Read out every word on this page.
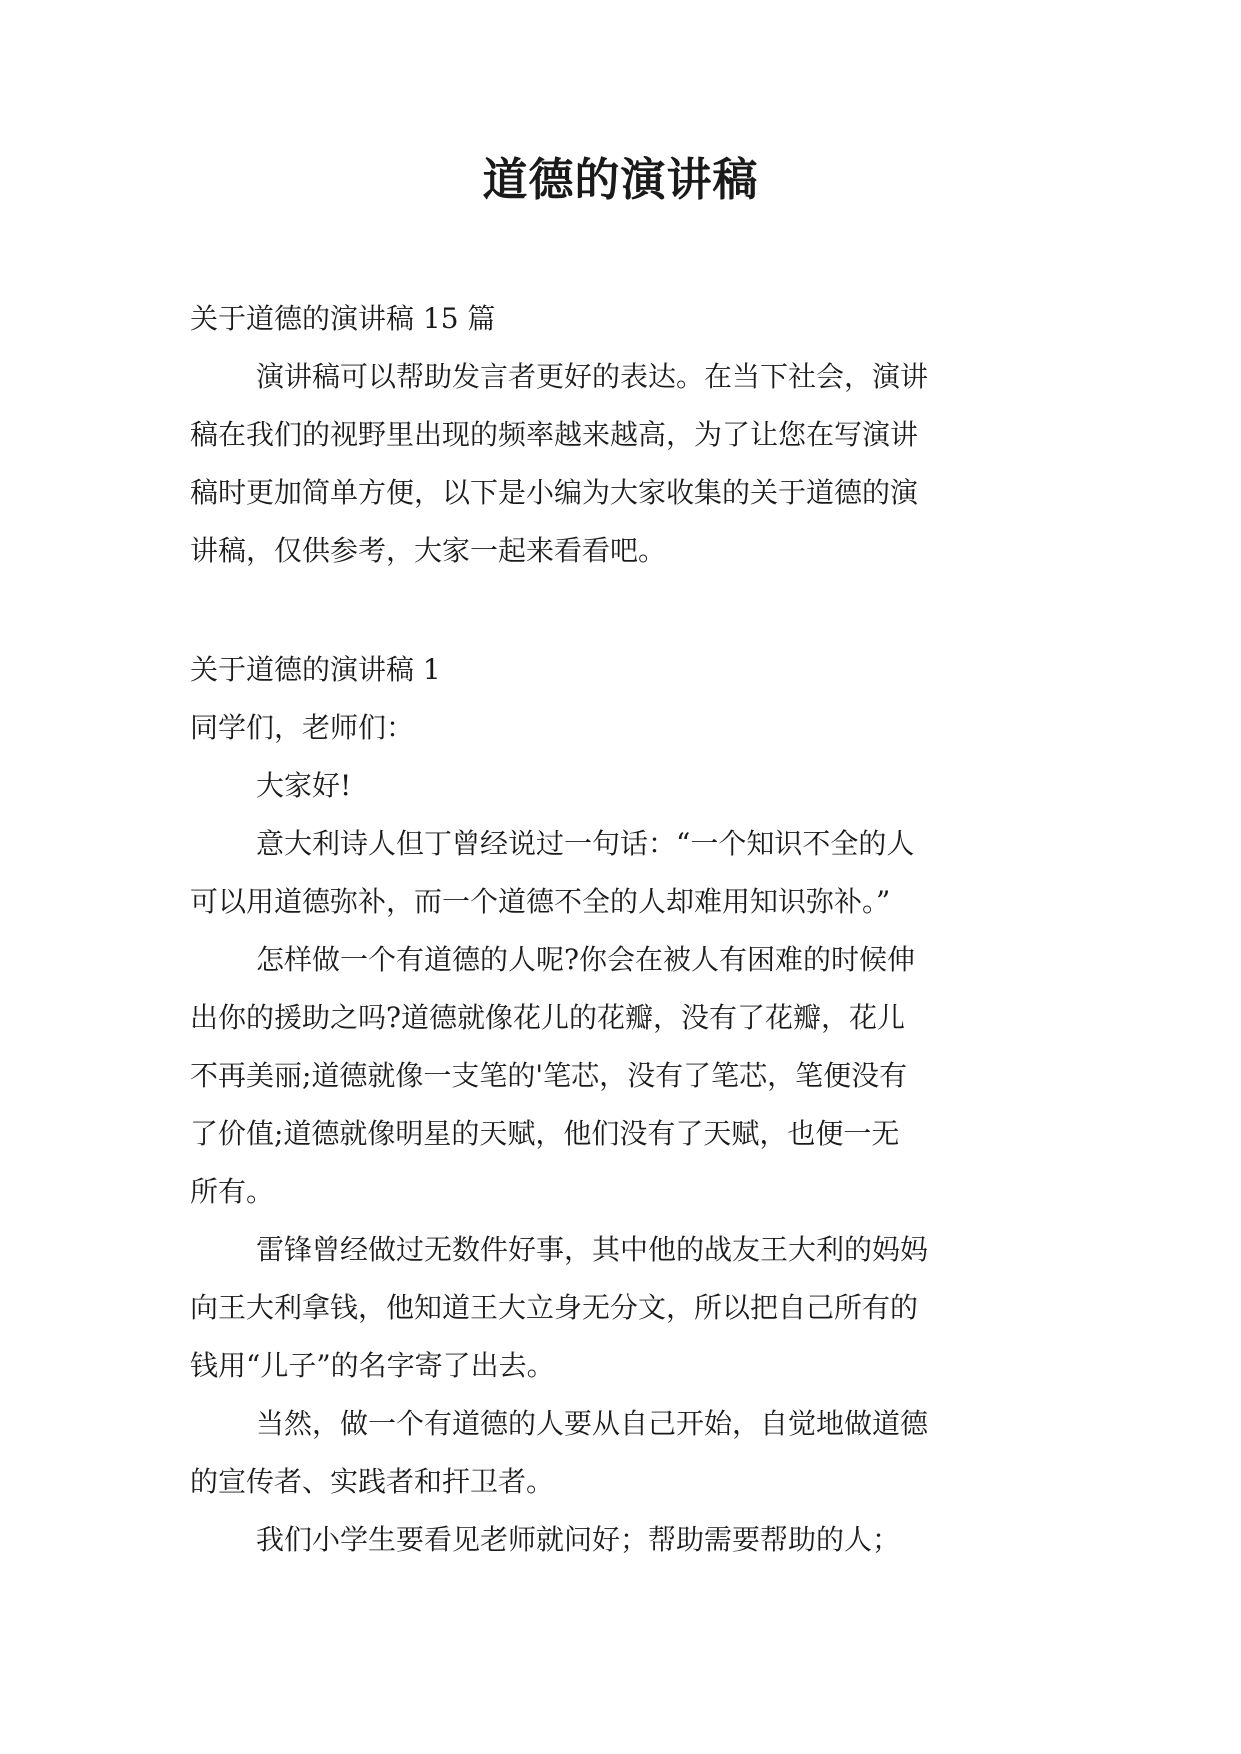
道德的演讲稿
关于道德的演讲稿 15 篇
演讲稿可以帮助发言者更好的表达。在当下社会，演讲
稿在我们的视野里出现的频率越来越高，为了让您在写演讲
稿时更加简单方便，以下是小编为大家收集的关于道德的演
讲稿，仅供参考，大家一起来看看吧。
关于道德的演讲稿 1
同学们，老师们：
大家好!
意大利诗人但丁曾经说过一句话：“一个知识不全的人
可以用道德弥补，而一个道德不全的人却难用知识弥补。”
怎样做一个有道德的人呢?你会在被人有困难的时候伸
出你的援助之吗?道德就像花儿的花瓣，没有了花瓣，花儿
不再美丽;道德就像一支笔的'笔芯，没有了笔芯，笔便没有
了价值;道德就像明星的天赋，他们没有了天赋，也便一无
所有。
雷锋曾经做过无数件好事，其中他的战友王大利的妈妈
向王大利拿钱，他知道王大立身无分文，所以把自己所有的
钱用“儿子”的名字寄了出去。
当然，做一个有道德的人要从自己开始，自觉地做道德
的宣传者、实践者和扞卫者。
我们小学生要看见老师就问好；帮助需要帮助的人；
